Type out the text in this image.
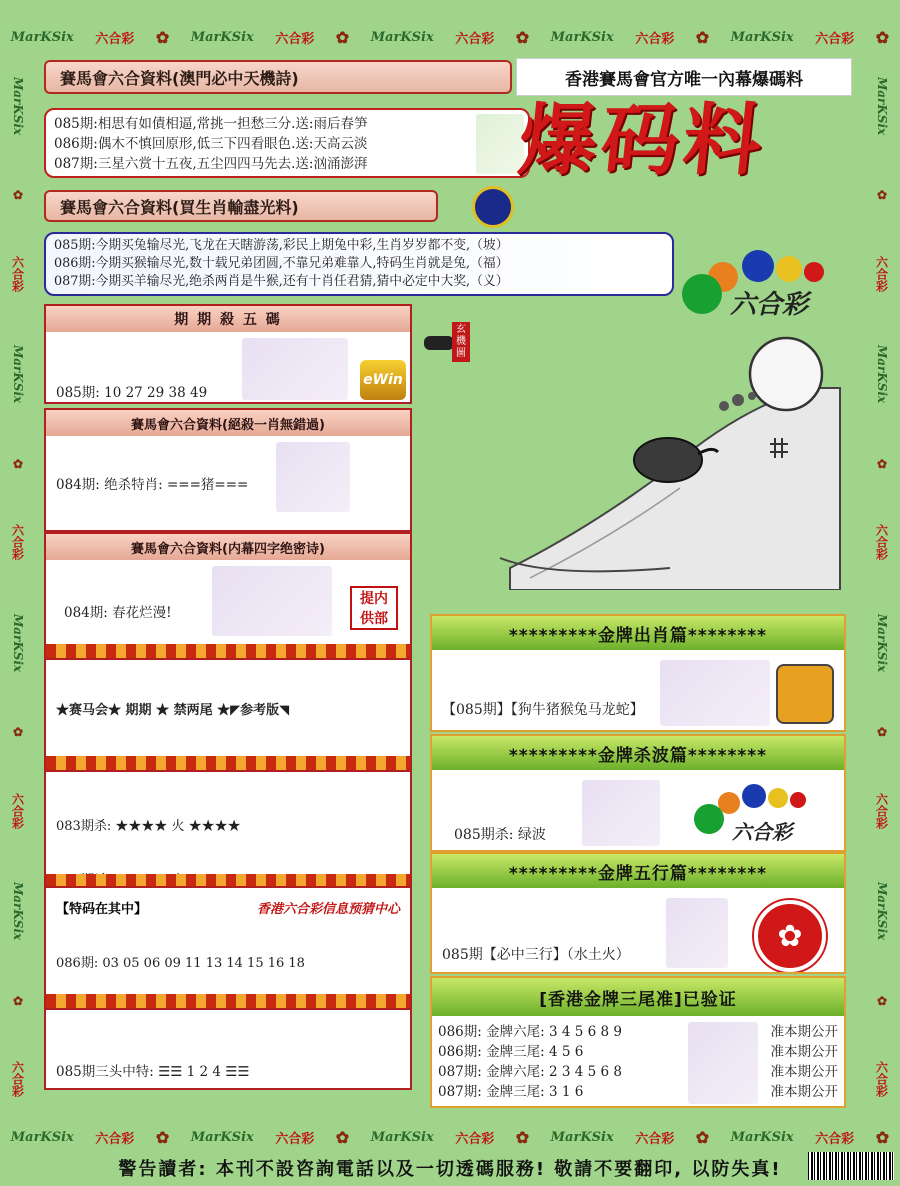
MarKSix 六合彩 ✿ MarKSix 六合彩 ✿ MarKSix 六合彩 ✿ MarKSix 六合彩 ✿ MarKSix 六合彩 ✿
MarKSix 六合彩 ✿ MarKSix 六合彩 ✿ MarKSix 六合彩 ✿ MarKSix 六合彩 ✿ MarKSix 六合彩 ✿
MarKSix
✿
六合彩
MarKSix
✿
六合彩
MarKSix
✿
六合彩
MarKSix
✿
六合彩
MarKSix
✿
六合彩
MarKSix
✿
六合彩
MarKSix
✿
六合彩
MarKSix
✿
六合彩
賽馬會六合資料(澳門必中天機詩)	香港賽馬會官方唯一內幕爆碼料
085期:相思有如債相逼,常挑一担愁三分.送:雨后春笋
086期:偶木不慎回原形,低三下四看眼色.送:天高云淡
087期:三星六赏十五夜,五尘四四马先去.送:汹涌澎湃	爆码料
賽馬會六合資料(買生肖輸盡光料)
085期:今期买兔输尽光,飞龙在天瞎游荡,彩民上期兔中彩,生肖岁岁都不变,（坡）
086期:今期买猴输尽光,数十载兄弟团圆,不靠兄弟难靠人,特码生肖就是兔,（福）
087期:今期买羊输尽光,绝杀两肖是牛猴,还有十肖任君猜,猜中必定中大奖,（义）
六合彩
期 期 殺 五 碼

085期: 10 27 29 38 49

eWin
賽馬會六合資料(絕殺一肖無錯過)

084期: 绝杀特肖: ===猪===

賽馬會六合資料(内幕四字绝密诗)

084期: 春花烂漫!

提内供部

★赛马会★ 期期 ★ 禁两尾 ★◤参考版◥

083期杀: ★★★★ 火 ★★★★

【特码在其中】	香港六合彩信息预猜中心

086期: 03 05 06 09 11 13 14 15 16 18

085期三头中特: ☰☰ 1 2 4 ☰☰

玄機圖
*********金牌出肖篇********

【085期】【狗牛猪猴兔马龙蛇】

*********金牌杀波篇********

085期杀: 绿波

	六合彩
*********金牌五行篇********

085期【必中三行】（水土火）

✿
[香港金牌三尾准]已验证
086期: 金牌六尾: 3 4 5 6 8 9	准本期公开
086期: 金牌三尾: 4 5 6	准本期公开
087期: 金牌六尾: 2 3 4 5 6 8	准本期公开
087期: 金牌三尾: 3 1 6	准本期公开
警告讀者: 本刊不設咨詢電話以及一切透碼服務! 敬請不要翻印, 以防失真!
